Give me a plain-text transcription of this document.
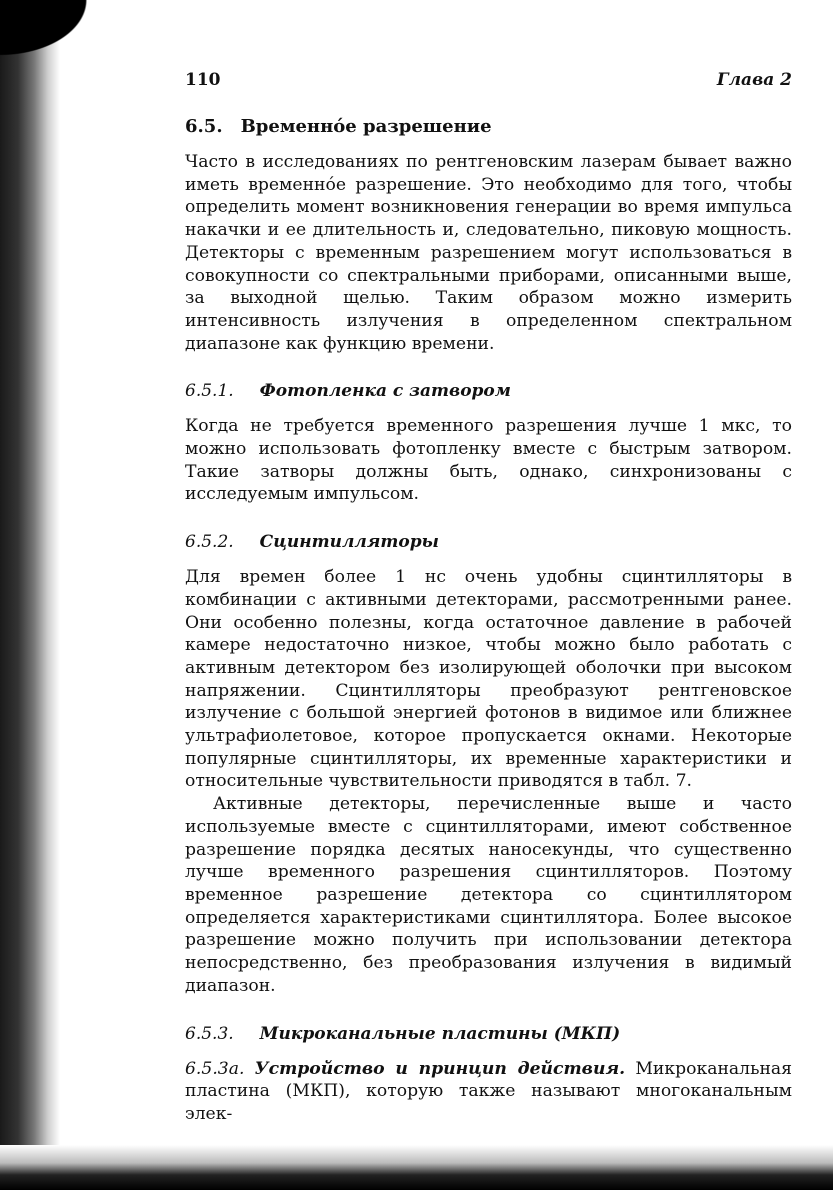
110	Глава 2
6.5. Временнóе разрешение

Часто в исследованиях по рентгеновским лазерам бывает важно иметь временнóе разрешение. Это необходимо для того, чтобы определить момент возникновения генерации во время импульса накачки и ее длительность и, следовательно, пиковую мощность. Детекторы с временным разрешением могут использоваться в совокупности со спектральными приборами, описанными выше, за выходной щелью. Таким образом можно измерить интенсивность излучения в определенном спектральном диапазоне как функцию времени.

6.5.1. Фотопленка с затвором

Когда не требуется временного разрешения лучше 1 мкс, то можно использовать фотопленку вместе с быстрым затвором. Такие затворы должны быть, однако, синхронизованы с исследуемым импульсом.

6.5.2. Сцинтилляторы

Для времен более 1 нс очень удобны сцинтилляторы в комбинации с активными детекторами, рассмотренными ранее. Они особенно полезны, когда остаточное давление в рабочей камере недостаточно низкое, чтобы можно было работать с активным детектором без изолирующей оболочки при высоком напряжении. Сцинтилляторы преобразуют рентгеновское излучение с большой энергией фотонов в видимое или ближнее ультрафиолетовое, которое пропускается окнами. Некоторые популярные сцинтилляторы, их временные характеристики и относительные чувствительности приводятся в табл. 7.

Активные детекторы, перечисленные выше и часто используемые вместе с сцинтилляторами, имеют собственное разрешение порядка десятых наносекунды, что существенно лучше временного разрешения сцинтилляторов. Поэтому временное разрешение детектора со сцинтиллятором определяется характеристиками сцинтиллятора. Более высокое разрешение можно получить при использовании детектора непосредственно, без преобразования излучения в видимый диапазон.

6.5.3. Микроканальные пластины (МКП)

6.5.3а. Устройство и принцип действия. Микроканальная пластина (МКП), которую также называют многоканальным элек-
